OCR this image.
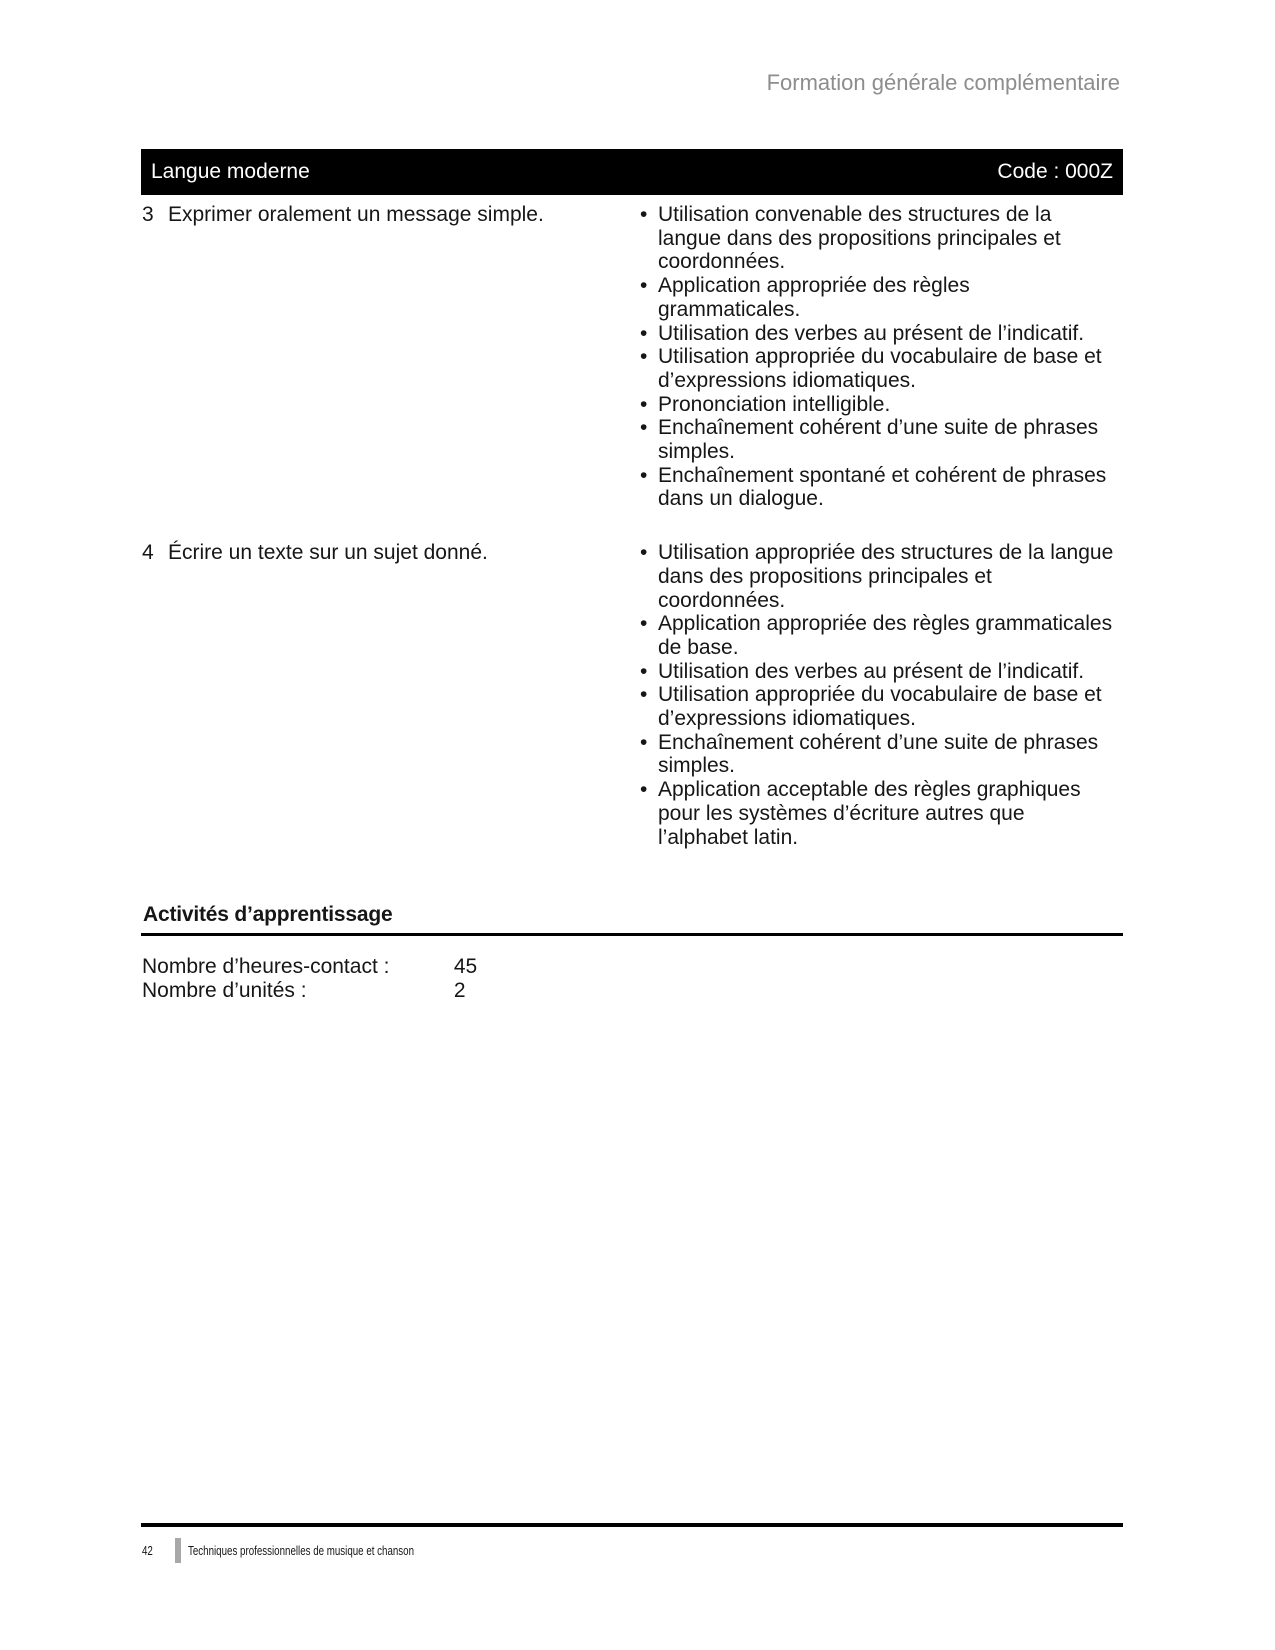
Formation générale complémentaire
Langue moderne	Code : 000Z
3 Exprimer oralement un message simple.	• Utilisation convenable des structures de la langue dans des propositions principales et coordonnées.
• Application appropriée des règles grammaticales.
• Utilisation des verbes au présent de l’indicatif.
• Utilisation appropriée du vocabulaire de base et d’expressions idiomatiques.
• Prononciation intelligible.
• Enchaînement cohérent d’une suite de phrases simples.
• Enchaînement spontané et cohérent de phrases dans un dialogue.
4 Écrire un texte sur un sujet donné.	• Utilisation appropriée des structures de la langue dans des propositions principales et coordonnées.
• Application appropriée des règles grammaticales de base.
• Utilisation des verbes au présent de l’indicatif.
• Utilisation appropriée du vocabulaire de base et d’expressions idiomatiques.
• Enchaînement cohérent d’une suite de phrases simples.
• Application acceptable des règles graphiques pour les systèmes d’écriture autres que l’alphabet latin.
Activités d’apprentissage
Nombre d’heures-contact :	45
Nombre d’unités :	2
42	Techniques professionnelles de musique et chanson
